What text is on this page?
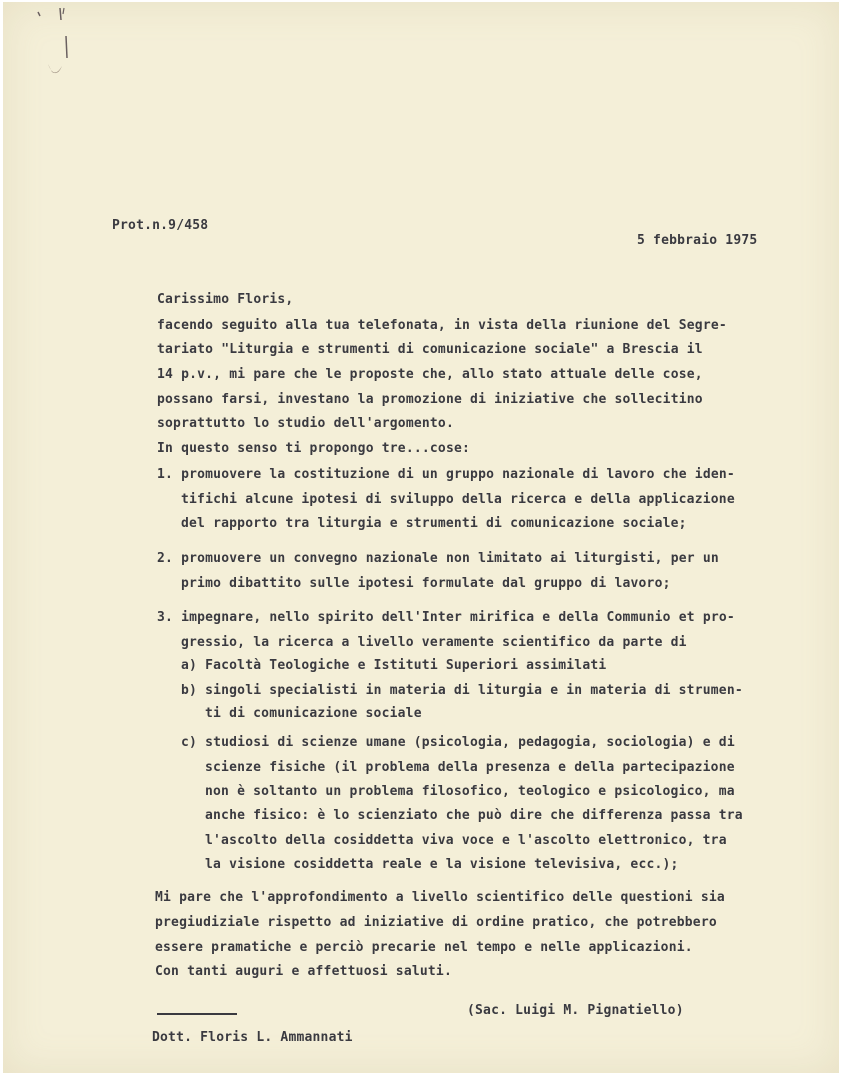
Prot.n.9/458
5 febbraio 1975
Carissimo Floris,
facendo seguito alla tua telefonata, in vista della riunione del Segre-
tariato "Liturgia e strumenti di comunicazione sociale" a Brescia il
14 p.v., mi pare che le proposte che, allo stato attuale delle cose,
possano farsi, investano la promozione di iniziative che sollecitino
soprattutto lo studio dell'argomento.
In questo senso ti propongo tre...cose:
1. promuovere la costituzione di un gruppo nazionale di lavoro che iden-
tifichi alcune ipotesi di sviluppo della ricerca e della applicazione
del rapporto tra liturgia e strumenti di comunicazione sociale;
2. promuovere un convegno nazionale non limitato ai liturgisti, per un
primo dibattito sulle ipotesi formulate dal gruppo di lavoro;
3. impegnare, nello spirito dell'Inter mirifica e della Communio et pro-
gressio, la ricerca a livello veramente scientifico da parte di
a) Facoltà Teologiche e Istituti Superiori assimilati
b) singoli specialisti in materia di liturgia e in materia di strumen-
ti di comunicazione sociale
c) studiosi di scienze umane (psicologia, pedagogia, sociologia) e di
scienze fisiche (il problema della presenza e della partecipazione
non è soltanto un problema filosofico, teologico e psicologico, ma
anche fisico: è lo scienziato che può dire che differenza passa tra
l'ascolto della cosiddetta viva voce e l'ascolto elettronico, tra
la visione cosiddetta reale e la visione televisiva, ecc.);
Mi pare che l'approfondimento a livello scientifico delle questioni sia
pregiudiziale rispetto ad iniziative di ordine pratico, che potrebbero
essere pramatiche e perciò precarie nel tempo e nelle applicazioni.
Con tanti auguri e affettuosi saluti.
(Sac. Luigi M. Pignatiello)
Dott. Floris L. Ammannati
